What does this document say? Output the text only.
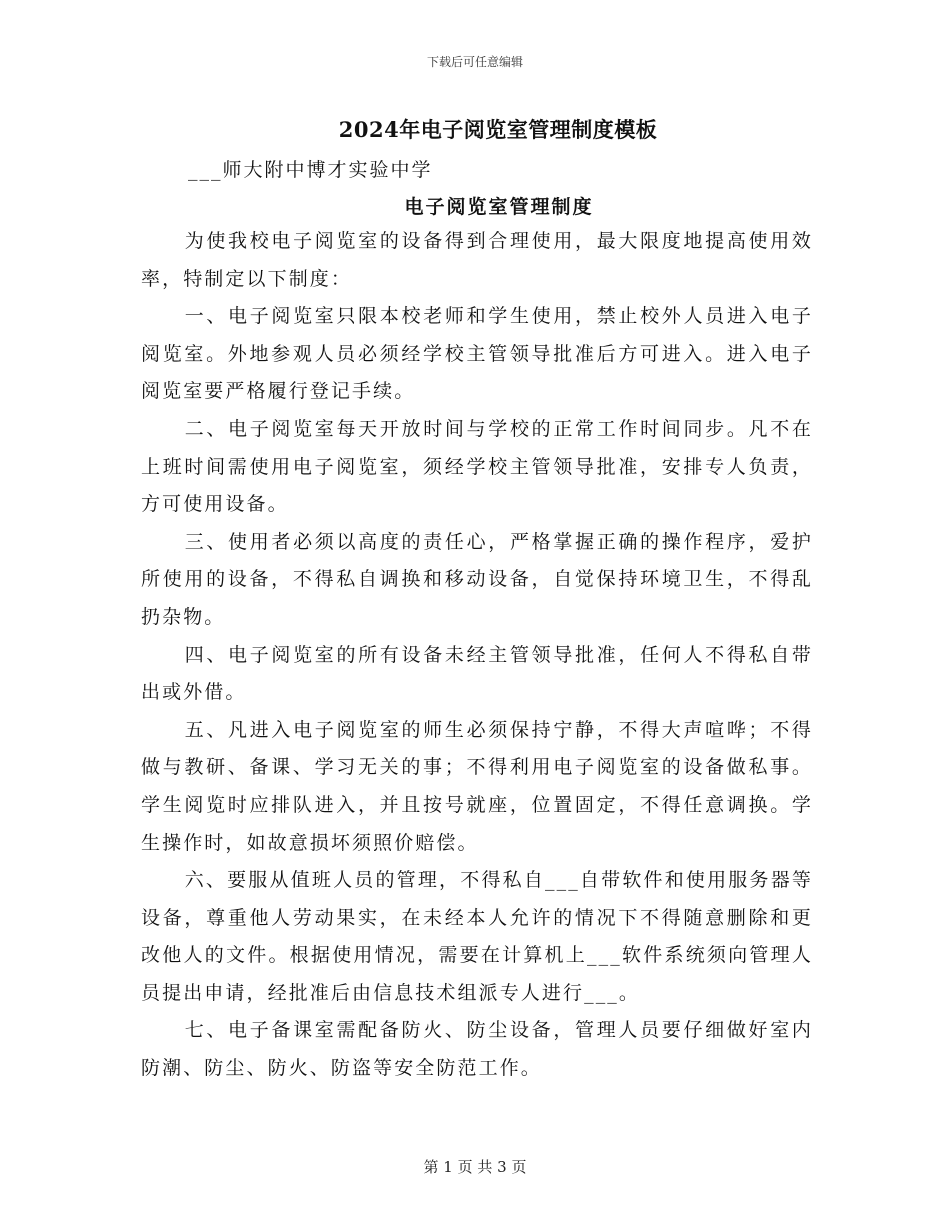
下载后可任意编辑
2024年电子阅览室管理制度模板
___师大附中博才实验中学
电子阅览室管理制度

为使我校电子阅览室的设备得到合理使用，最大限度地提高使用效率，特制定以下制度：

一、电子阅览室只限本校老师和学生使用，禁止校外人员进入电子阅览室。外地参观人员必须经学校主管领导批准后方可进入。进入电子阅览室要严格履行登记手续。

二、电子阅览室每天开放时间与学校的正常工作时间同步。凡不在上班时间需使用电子阅览室，须经学校主管领导批准，安排专人负责，方可使用设备。

三、使用者必须以高度的责任心，严格掌握正确的操作程序，爱护所使用的设备，不得私自调换和移动设备，自觉保持环境卫生，不得乱扔杂物。

四、电子阅览室的所有设备未经主管领导批准，任何人不得私自带出或外借。

五、凡进入电子阅览室的师生必须保持宁静，不得大声喧哗；不得做与教研、备课、学习无关的事；不得利用电子阅览室的设备做私事。学生阅览时应排队进入，并且按号就座，位置固定，不得任意调换。学生操作时，如故意损坏须照价赔偿。

六、要服从值班人员的管理，不得私自___自带软件和使用服务器等设备，尊重他人劳动果实，在未经本人允许的情况下不得随意删除和更改他人的文件。根据使用情况，需要在计算机上___软件系统须向管理人员提出申请，经批准后由信息技术组派专人进行___。

七、电子备课室需配备防火、防尘设备，管理人员要仔细做好室内防潮、防尘、防火、防盗等安全防范工作。

第 1 页 共 3 页
